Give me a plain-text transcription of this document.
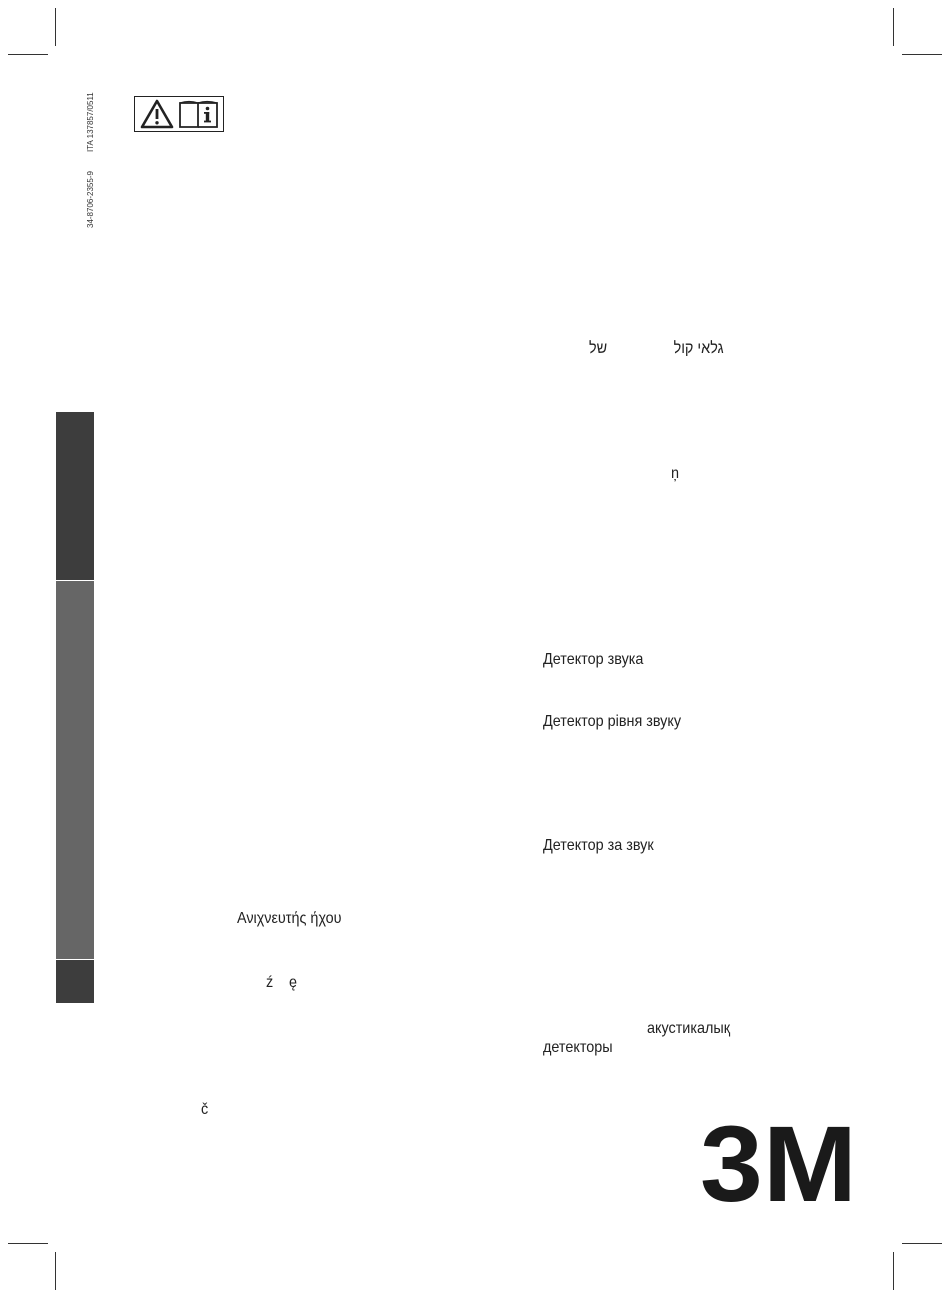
ITA 137857/0511
34-8706-2355-9
Ανιχνευτής ήχου
ź ę
č
גלאי קול
של
ņ
Детектор звука
Детектор рівня звуку
Детектор за звук
акустикалық
детекторы
3M
